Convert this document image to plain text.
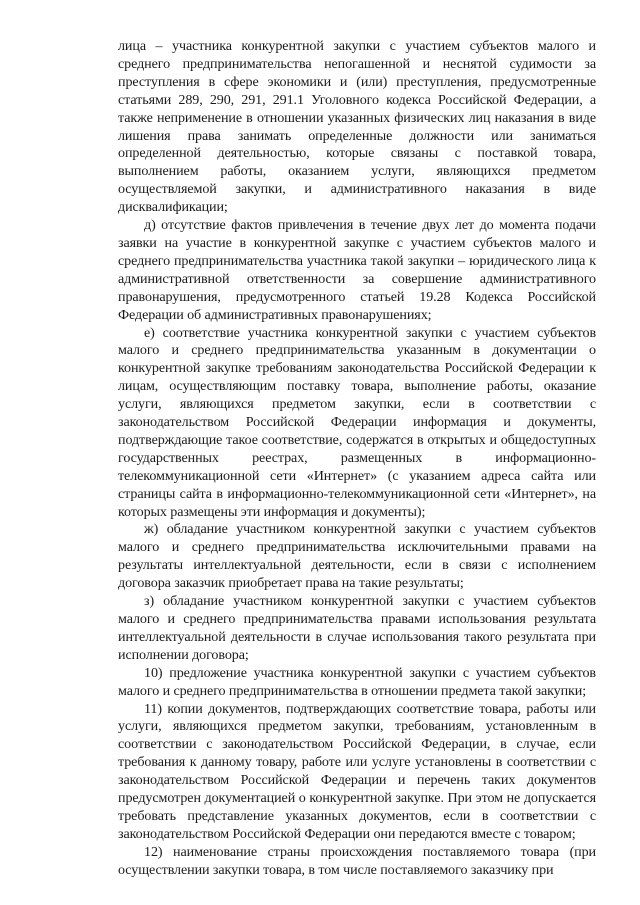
лица – участника конкурентной закупки с участием субъектов малого и среднего предпринимательства непогашенной и неснятой судимости за преступления в сфере экономики и (или) преступления, предусмотренные статьями 289, 290, 291, 291.1 Уголовного кодекса Российской Федерации, а также неприменение в отношении указанных физических лиц наказания в виде лишения права занимать определенные должности или заниматься определенной деятельностью, которые связаны с поставкой товара, выполнением работы, оказанием услуги, являющихся предметом осуществляемой закупки, и административного наказания в виде дисквалификации;

д) отсутствие фактов привлечения в течение двух лет до момента подачи заявки на участие в конкурентной закупке с участием субъектов малого и среднего предпринимательства участника такой закупки – юридического лица к административной ответственности за совершение административного правонарушения, предусмотренного статьей 19.28 Кодекса Российской Федерации об административных правонарушениях;

е) соответствие участника конкурентной закупки с участием субъектов малого и среднего предпринимательства указанным в документации о конкурентной закупке требованиям законодательства Российской Федерации к лицам, осуществляющим поставку товара, выполнение работы, оказание услуги, являющихся предметом закупки, если в соответствии с законодательством Российской Федерации информация и документы, подтверждающие такое соответствие, содержатся в открытых и общедоступных государственных реестрах, размещенных в информационно-телекоммуникационной сети «Интернет» (с указанием адреса сайта или страницы сайта в информационно-телекоммуникационной сети «Интернет», на которых размещены эти информация и документы);

ж) обладание участником конкурентной закупки с участием субъектов малого и среднего предпринимательства исключительными правами на результаты интеллектуальной деятельности, если в связи с исполнением договора заказчик приобретает права на такие результаты;

з) обладание участником конкурентной закупки с участием субъектов малого и среднего предпринимательства правами использования результата интеллектуальной деятельности в случае использования такого результата при исполнении договора;

10) предложение участника конкурентной закупки с участием субъектов малого и среднего предпринимательства в отношении предмета такой закупки;

11) копии документов, подтверждающих соответствие товара, работы или услуги, являющихся предметом закупки, требованиям, установленным в соответствии с законодательством Российской Федерации, в случае, если требования к данному товару, работе или услуге установлены в соответствии с законодательством Российской Федерации и перечень таких документов предусмотрен документацией о конкурентной закупке. При этом не допускается требовать представление указанных документов, если в соответствии с законодательством Российской Федерации они передаются вместе с товаром;

12) наименование страны происхождения поставляемого товара (при осуществлении закупки товара, в том числе поставляемого заказчику при
